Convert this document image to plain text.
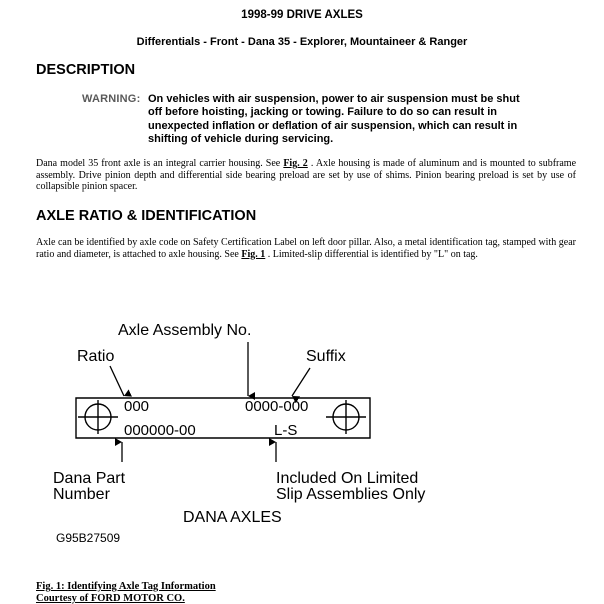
1998-99 DRIVE AXLES
Differentials - Front - Dana 35 - Explorer, Mountaineer & Ranger
DESCRIPTION
WARNING: On vehicles with air suspension, power to air suspension must be shut
off before hoisting, jacking or towing. Failure to do so can result in
unexpected inflation or deflation of air suspension, which can result in
shifting of vehicle during servicing.
Dana model 35 front axle is an integral carrier housing. See Fig. 2 . Axle housing is made of aluminum and is mounted to subframe assembly. Drive pinion depth and differential side bearing preload are set by use of shims. Pinion bearing preload is set by use of collapsible pinion spacer.
AXLE RATIO & IDENTIFICATION
Axle can be identified by axle code on Safety Certification Label on left door pillar. Also, a metal identification tag, stamped with gear ratio and diameter, is attached to axle housing. See Fig. 1 . Limited-slip differential is identified by "L" on tag.
Axle Assembly No.
Ratio	Suffix
000	0000-000
000000-00	L-S
Dana Part
Number
Included On Limited
Slip Assemblies Only
DANA AXLES
G95B27509
Fig. 1: Identifying Axle Tag Information
Courtesy of FORD MOTOR CO.
